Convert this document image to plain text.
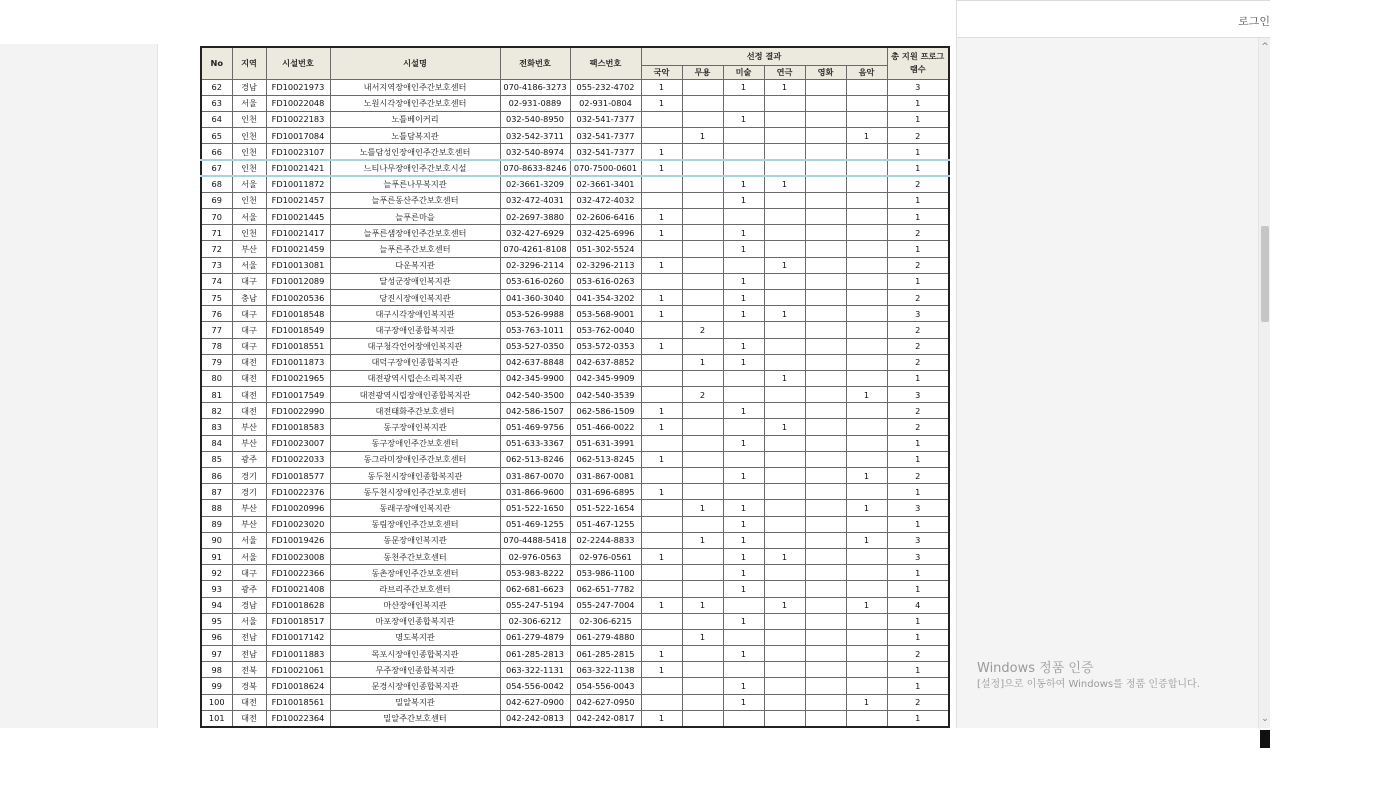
No	지역	시설번호	시설명	전화번호	팩스번호	선정 결과						총 지원 프로그램수
						국악	무용	미술	연극	영화	음악	
62	경남	FD10021973	내서지역장애인주간보호센터	070-4186-3273	055-232-4702	1		1	1			3
63	서울	FD10022048	노원시각장애인주간보호센터	02-931-0889	02-931-0804	1						1
64	인천	FD10022183	노틀베이커리	032-540-8950	032-541-7377			1				1
65	인천	FD10017084	노틀담복지관	032-542-3711	032-541-7377		1				1	2
66	인천	FD10023107	노틀담성인장애인주간보호센터	032-540-8974	032-541-7377	1						1
67	인천	FD10021421	느티나무장애인주간보호시설	070-8633-8246	070-7500-0601	1						1
68	서울	FD10011872	늘푸른나무복지관	02-3661-3209	02-3661-3401			1	1			2
69	인천	FD10021457	늘푸른동산주간보호센터	032-472-4031	032-472-4032			1				1
70	서울	FD10021445	늘푸른마을	02-2697-3880	02-2606-6416	1						1
71	인천	FD10021417	늘푸른샘장애인주간보호센터	032-427-6929	032-425-6996	1		1				2
72	부산	FD10021459	늘푸른주간보호센터	070-4261-8108	051-302-5524			1				1
73	서울	FD10013081	다운복지관	02-3296-2114	02-3296-2113	1			1			2
74	대구	FD10012089	달성군장애인복지관	053-616-0260	053-616-0263			1				1
75	충남	FD10020536	당진시장애인복지관	041-360-3040	041-354-3202	1		1				2
76	대구	FD10018548	대구시각장애인복지관	053-526-9988	053-568-9001	1		1	1			3
77	대구	FD10018549	대구장애인종합복지관	053-763-1011	053-762-0040		2					2
78	대구	FD10018551	대구청각언어장애인복지관	053-527-0350	053-572-0353	1		1				2
79	대전	FD10011873	대덕구장애인종합복지관	042-637-8848	042-637-8852		1	1				2
80	대전	FD10021965	대전광역시립손소리복지관	042-345-9900	042-345-9909				1			1
81	대전	FD10017549	대전광역시립장애인종합복지관	042-540-3500	042-540-3539		2				1	3
82	대전	FD10022990	대전태화주간보호센터	042-586-1507	062-586-1509	1		1				2
83	부산	FD10018583	동구장애인복지관	051-469-9756	051-466-0022	1			1			2
84	부산	FD10023007	동구장애인주간보호센터	051-633-3367	051-631-3991			1				1
85	광주	FD10022033	동그라미장애인주간보호센터	062-513-8246	062-513-8245	1						1
86	경기	FD10018577	동두천시장애인종합복지관	031-867-0070	031-867-0081			1			1	2
87	경기	FD10022376	동두천시장애인주간보호센터	031-866-9600	031-696-6895	1						1
88	부산	FD10020996	동래구장애인복지관	051-522-1650	051-522-1654		1	1			1	3
89	부산	FD10023020	동림장애인주간보호센터	051-469-1255	051-467-1255			1				1
90	서울	FD10019426	동문장애인복지관	070-4488-5418	02-2244-8833		1	1			1	3
91	서울	FD10023008	동천주간보호센터	02-976-0563	02-976-0561	1		1	1			3
92	대구	FD10022366	동촌장애인주간보호센터	053-983-8222	053-986-1100			1				1
93	광주	FD10021408	라브리주간보호센터	062-681-6623	062-651-7782			1				1
94	경남	FD10018628	마산장애인복지관	055-247-5194	055-247-7004	1	1		1		1	4
95	서울	FD10018517	마포장애인종합복지관	02-306-6212	02-306-6215			1				1
96	전남	FD10017142	명도복지관	061-279-4879	061-279-4880		1					1
97	전남	FD10011883	목포시장애인종합복지관	061-285-2813	061-285-2815	1		1				2
98	전북	FD10021061	무주장애인종합복지관	063-322-1131	063-322-1138	1						1
99	경북	FD10018624	문경시장애인종합복지관	054-556-0042	054-556-0043			1				1
100	대전	FD10018561	밀알복지관	042-627-0900	042-627-0950			1			1	2
101	대전	FD10022364	밀알주간보호센터	042-242-0813	042-242-0817	1						1
로그인
^
⌄
Windows 정품 인증
[설정]으로 이동하여 Windows를 정품 인증합니다.
